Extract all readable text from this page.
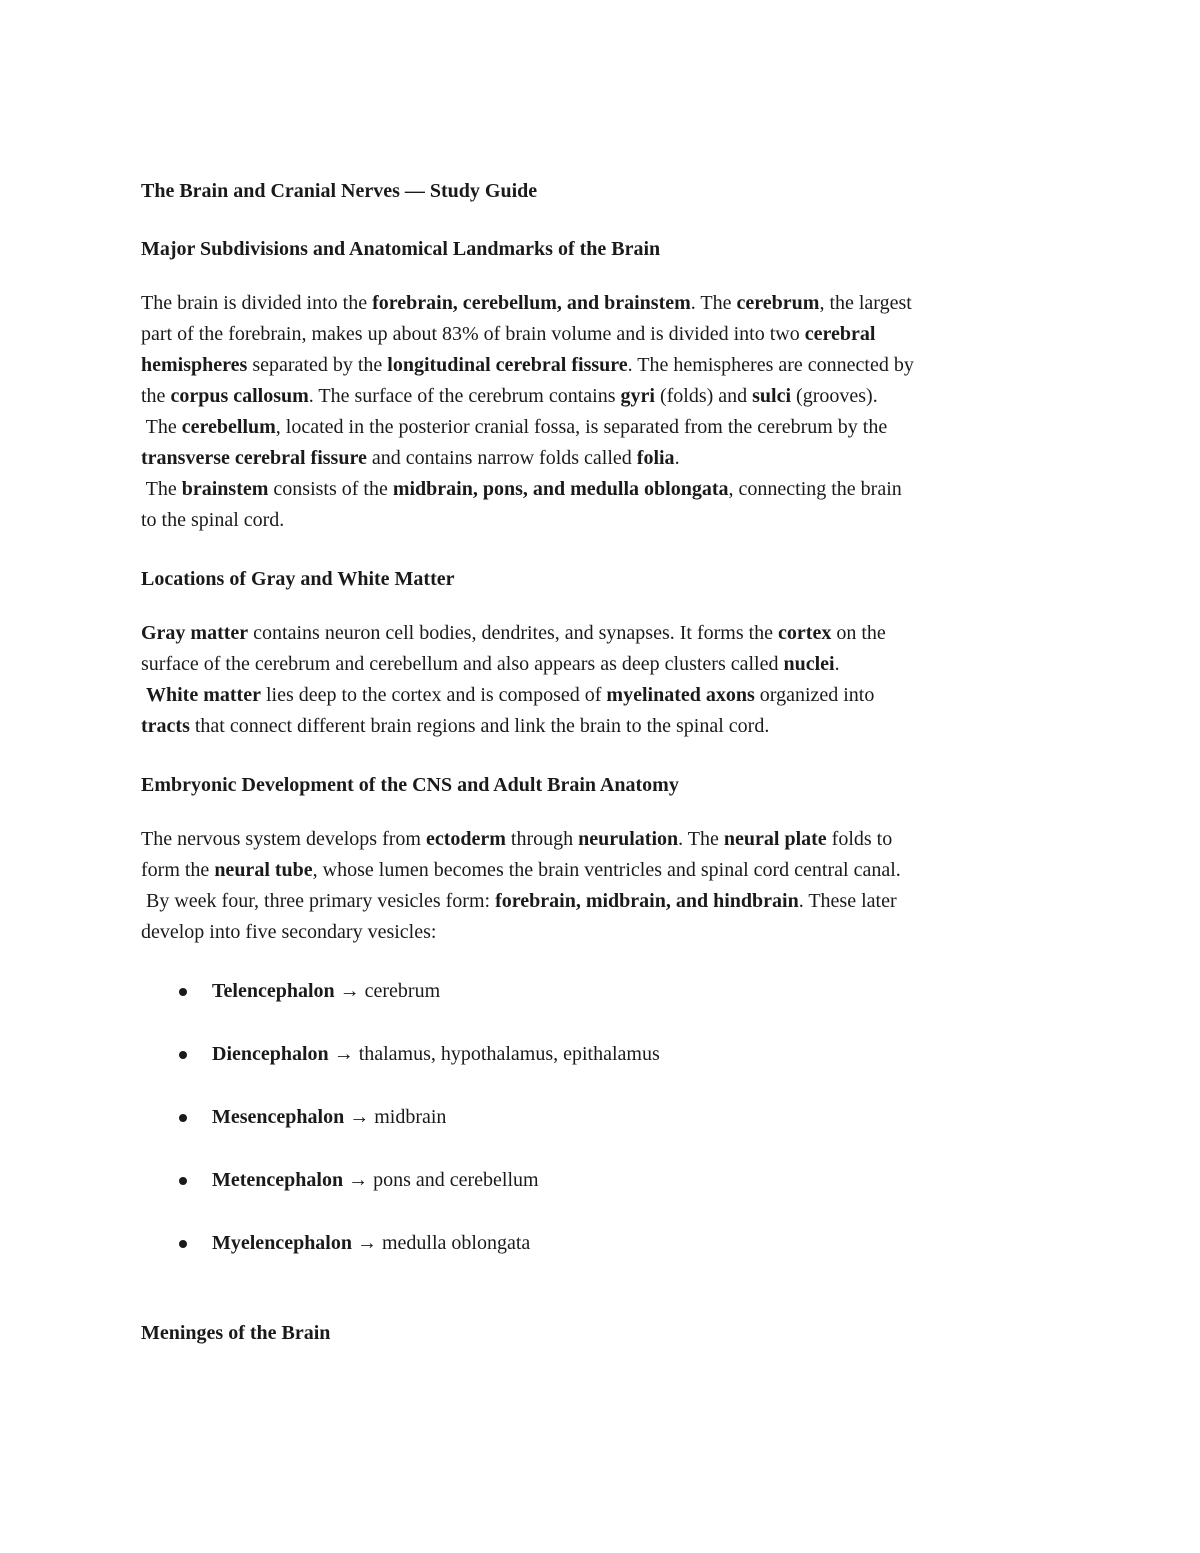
The Brain and Cranial Nerves — Study Guide
Major Subdivisions and Anatomical Landmarks of the Brain

The brain is divided into the forebrain, cerebellum, and brainstem. The cerebrum, the largest
part of the forebrain, makes up about 83% of brain volume and is divided into two cerebral
hemispheres separated by the longitudinal cerebral fissure. The hemispheres are connected by
the corpus callosum. The surface of the cerebrum contains gyri (folds) and sulci (grooves).
The cerebellum, located in the posterior cranial fossa, is separated from the cerebrum by the
transverse cerebral fissure and contains narrow folds called folia.
The brainstem consists of the midbrain, pons, and medulla oblongata, connecting the brain
to the spinal cord.

Locations of Gray and White Matter

Gray matter contains neuron cell bodies, dendrites, and synapses. It forms the cortex on the
surface of the cerebrum and cerebellum and also appears as deep clusters called nuclei.
White matter lies deep to the cortex and is composed of myelinated axons organized into
tracts that connect different brain regions and link the brain to the spinal cord.

Embryonic Development of the CNS and Adult Brain Anatomy

The nervous system develops from ectoderm through neurulation. The neural plate folds to
form the neural tube, whose lumen becomes the brain ventricles and spinal cord central canal.
By week four, three primary vesicles form: forebrain, midbrain, and hindbrain. These later
develop into five secondary vesicles:

Telencephalon → cerebrum
Diencephalon → thalamus, hypothalamus, epithalamus
Mesencephalon → midbrain
Metencephalon → pons and cerebellum
Myelencephalon → medulla oblongata
Meninges of the Brain
